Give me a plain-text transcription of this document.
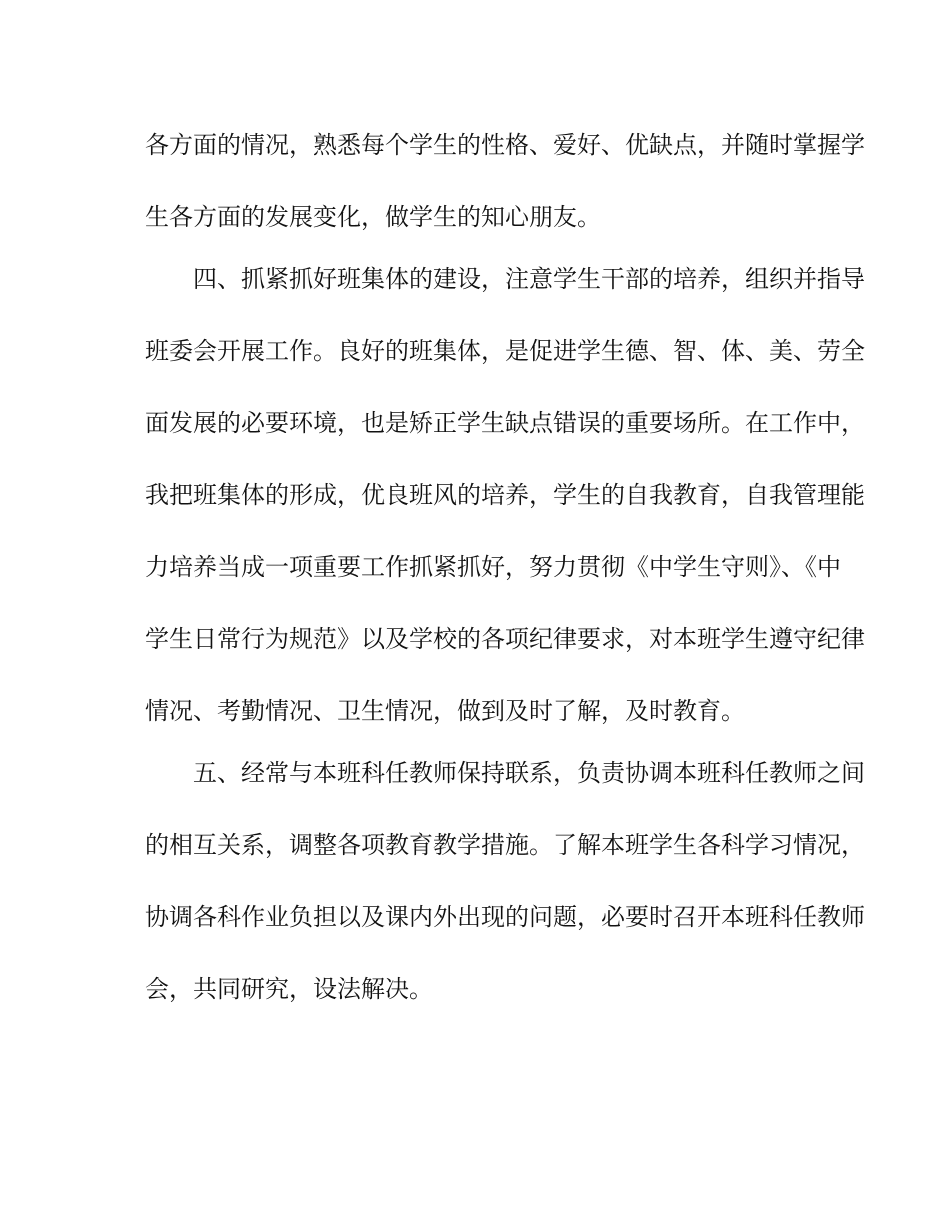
各方面的情况，熟悉每个学生的性格、爱好、优缺点，并随时掌握学
生各方面的发展变化，做学生的知心朋友。
四、抓紧抓好班集体的建设，注意学生干部的培养，组织并指导
班委会开展工作。良好的班集体，是促进学生德、智、体、美、劳全
面发展的必要环境，也是矫正学生缺点错误的重要场所。在工作中，
我把班集体的形成，优良班风的培养，学生的自我教育，自我管理能
力培养当成一项重要工作抓紧抓好，努力贯彻《中学生守则》、《中
学生日常行为规范》以及学校的各项纪律要求，对本班学生遵守纪律
情况、考勤情况、卫生情况，做到及时了解，及时教育。
五、经常与本班科任教师保持联系，负责协调本班科任教师之间
的相互关系，调整各项教育教学措施。了解本班学生各科学习情况，
协调各科作业负担以及课内外出现的问题，必要时召开本班科任教师
会，共同研究，设法解决。
